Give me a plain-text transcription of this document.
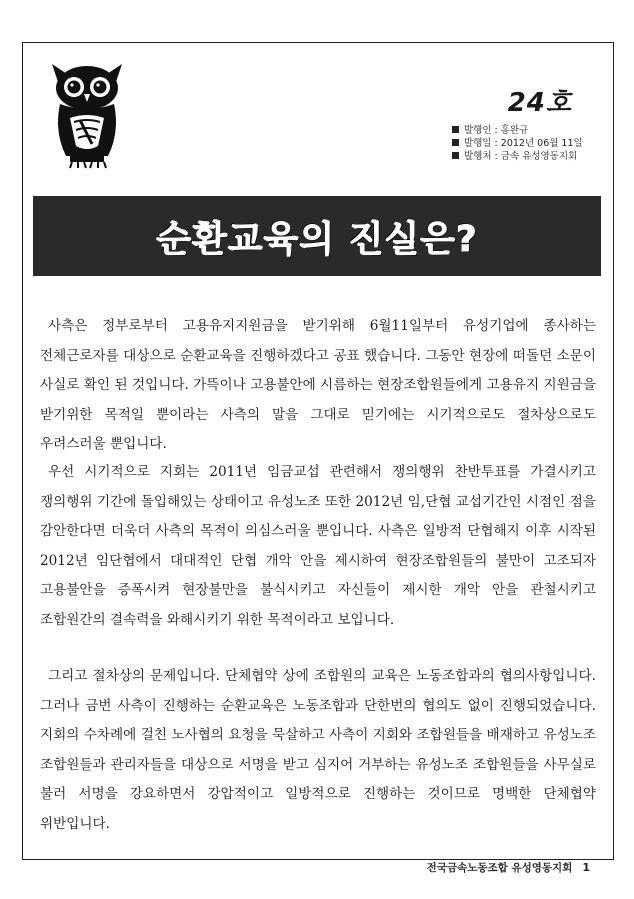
24호
발행인 : 홍완규
발행일 : 2012년 06월 11일
발행처 : 금속 유성영동지회
순환교육의 진실은?

사측은 정부로부터 고용유지지원금을 받기위해 6월11일부터 유성기업에 종사하는 전체근로자를 대상으로 순환교육을 진행하겠다고 공표 했습니다. 그동안 현장에 떠돌던 소문이 사실로 확인 된 것입니다. 가뜩이나 고용불안에 시름하는 현장조합원들에게 고용유지 지원금을 받기위한 목적일 뿐이라는 사측의 말을 그대로 믿기에는 시기적으로도 절차상으로도 우려스러울 뿐입니다.

우선 시기적으로 지회는 2011년 임금교섭 관련해서 쟁의행위 찬반투표를 가결시키고 쟁의행위 기간에 돌입해있는 상태이고 유성노조 또한 2012년 임,단협 교섭기간인 시점인 점을 감안한다면 더욱더 사측의 목적이 의심스러울 뿐입니다. 사측은 일방적 단협해지 이후 시작된 2012년 임단협에서 대대적인 단협 개악 안을 제시하여 현장조합원들의 불만이 고조되자 고용불안을 증폭시켜 현장불만을 불식시키고 자신들이 제시한 개악 안을 관철시키고 조합원간의 결속력을 와해시키기 위한 목적이라고 보입니다.

그리고 절차상의 문제입니다. 단체협약 상에 조합원의 교육은 노동조합과의 협의사항입니다. 그러나 금번 사측이 진행하는 순환교육은 노동조합과 단한번의 협의도 없이 진행되었습니다. 지회의 수차례에 걸친 노사협의 요청을 묵살하고 사측이 지회와 조합원들을 배재하고 유성노조 조합원들과 관리자들을 대상으로 서명을 받고 심지어 거부하는 유성노조 조합원들을 사무실로 불러 서명을 강요하면서 강압적이고 일방적으로 진행하는 것이므로 명백한 단체협약 위반입니다.

전국금속노동조합 유성영동지회 1
